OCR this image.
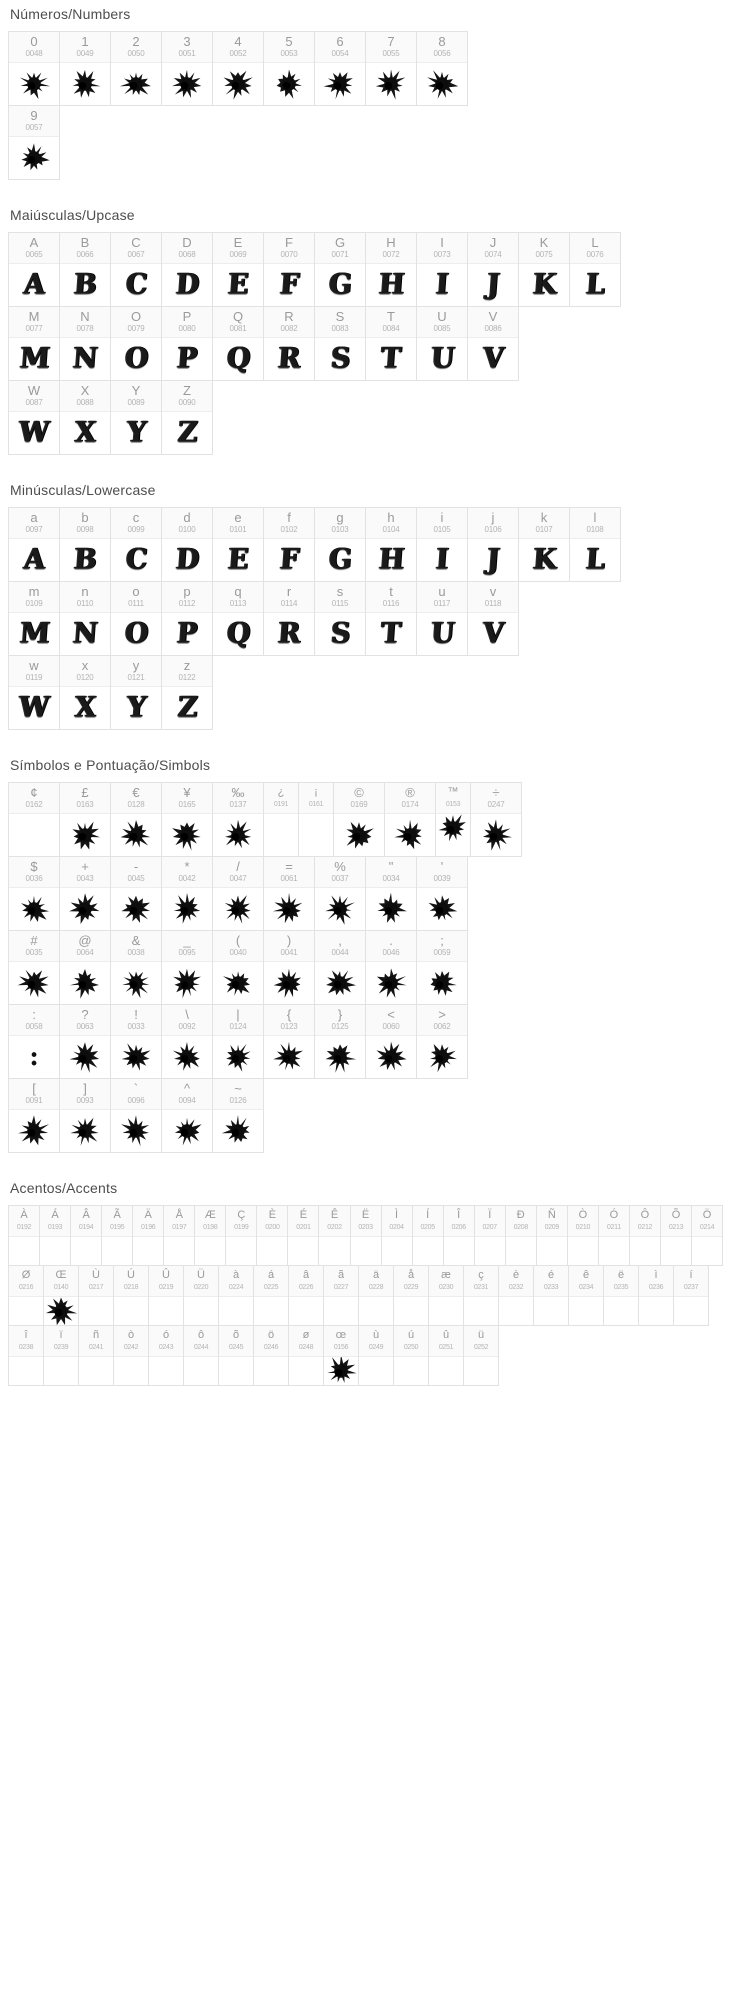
Números/Numbers
0
0048
1
0049
2
0050
3
0051
4
0052
5
0053
6
0054
7
0055
8
0056
9
0057
Maiúsculas/Upcase
A
0065
A
B
0066
B
C
0067
C
D
0068
D
E
0069
E
F
0070
F
G
0071
G
H
0072
H
I
0073
I
J
0074
J
K
0075
K
L
0076
L
M
0077
M
N
0078
N
O
0079
O
P
0080
P
Q
0081
Q
R
0082
R
S
0083
S
T
0084
T
U
0085
U
V
0086
V
W
0087
W
X
0088
X
Y
0089
Y
Z
0090
Z
Minúsculas/Lowercase
a
0097
A
b
0098
B
c
0099
C
d
0100
D
e
0101
E
f
0102
F
g
0103
G
h
0104
H
i
0105
I
j
0106
J
k
0107
K
l
0108
L
m
0109
M
n
0110
N
o
0111
O
p
0112
P
q
0113
Q
r
0114
R
s
0115
S
t
0116
T
u
0117
U
v
0118
V
w
0119
W
x
0120
X
y
0121
Y
z
0122
Z
Símbolos e Pontuação/Simbols
¢
0162
£
0163
€
0128
¥
0165
‰
0137
¿
0191
¡
0161
©
0169
®
0174
™
0153
÷
0247
$
0036
+
0043
-
0045
*
0042
/
0047
=
0061
%
0037
"
0034
'
0039
#
0035
@
0064
&
0038
_
0095
(
0040
)
0041
,
0044
.
0046
;
0059
:
0058
:
?
0063
!
0033
\
0092
|
0124
{
0123
}
0125
<
0060
>
0062
[
0091
]
0093
`
0096
^
0094
~
0126
Acentos/Accents
À
0192
Á
0193
Â
0194
Ã
0195
Ä
0196
Å
0197
Æ
0198
Ç
0199
È
0200
É
0201
Ê
0202
Ë
0203
Ì
0204
Í
0205
Î
0206
Ï
0207
Ð
0208
Ñ
0209
Ò
0210
Ó
0211
Ô
0212
Õ
0213
Ö
0214
Ø
0216
Œ
0140
Ù
0217
Ú
0218
Û
0219
Ü
0220
à
0224
á
0225
â
0226
ã
0227
ä
0228
å
0229
æ
0230
ç
0231
è
0232
é
0233
ê
0234
ë
0235
ì
0236
í
0237
î
0238
ï
0239
ñ
0241
ò
0242
ó
0243
ô
0244
õ
0245
ö
0246
ø
0248
œ
0156
ù
0249
ú
0250
û
0251
ü
0252
